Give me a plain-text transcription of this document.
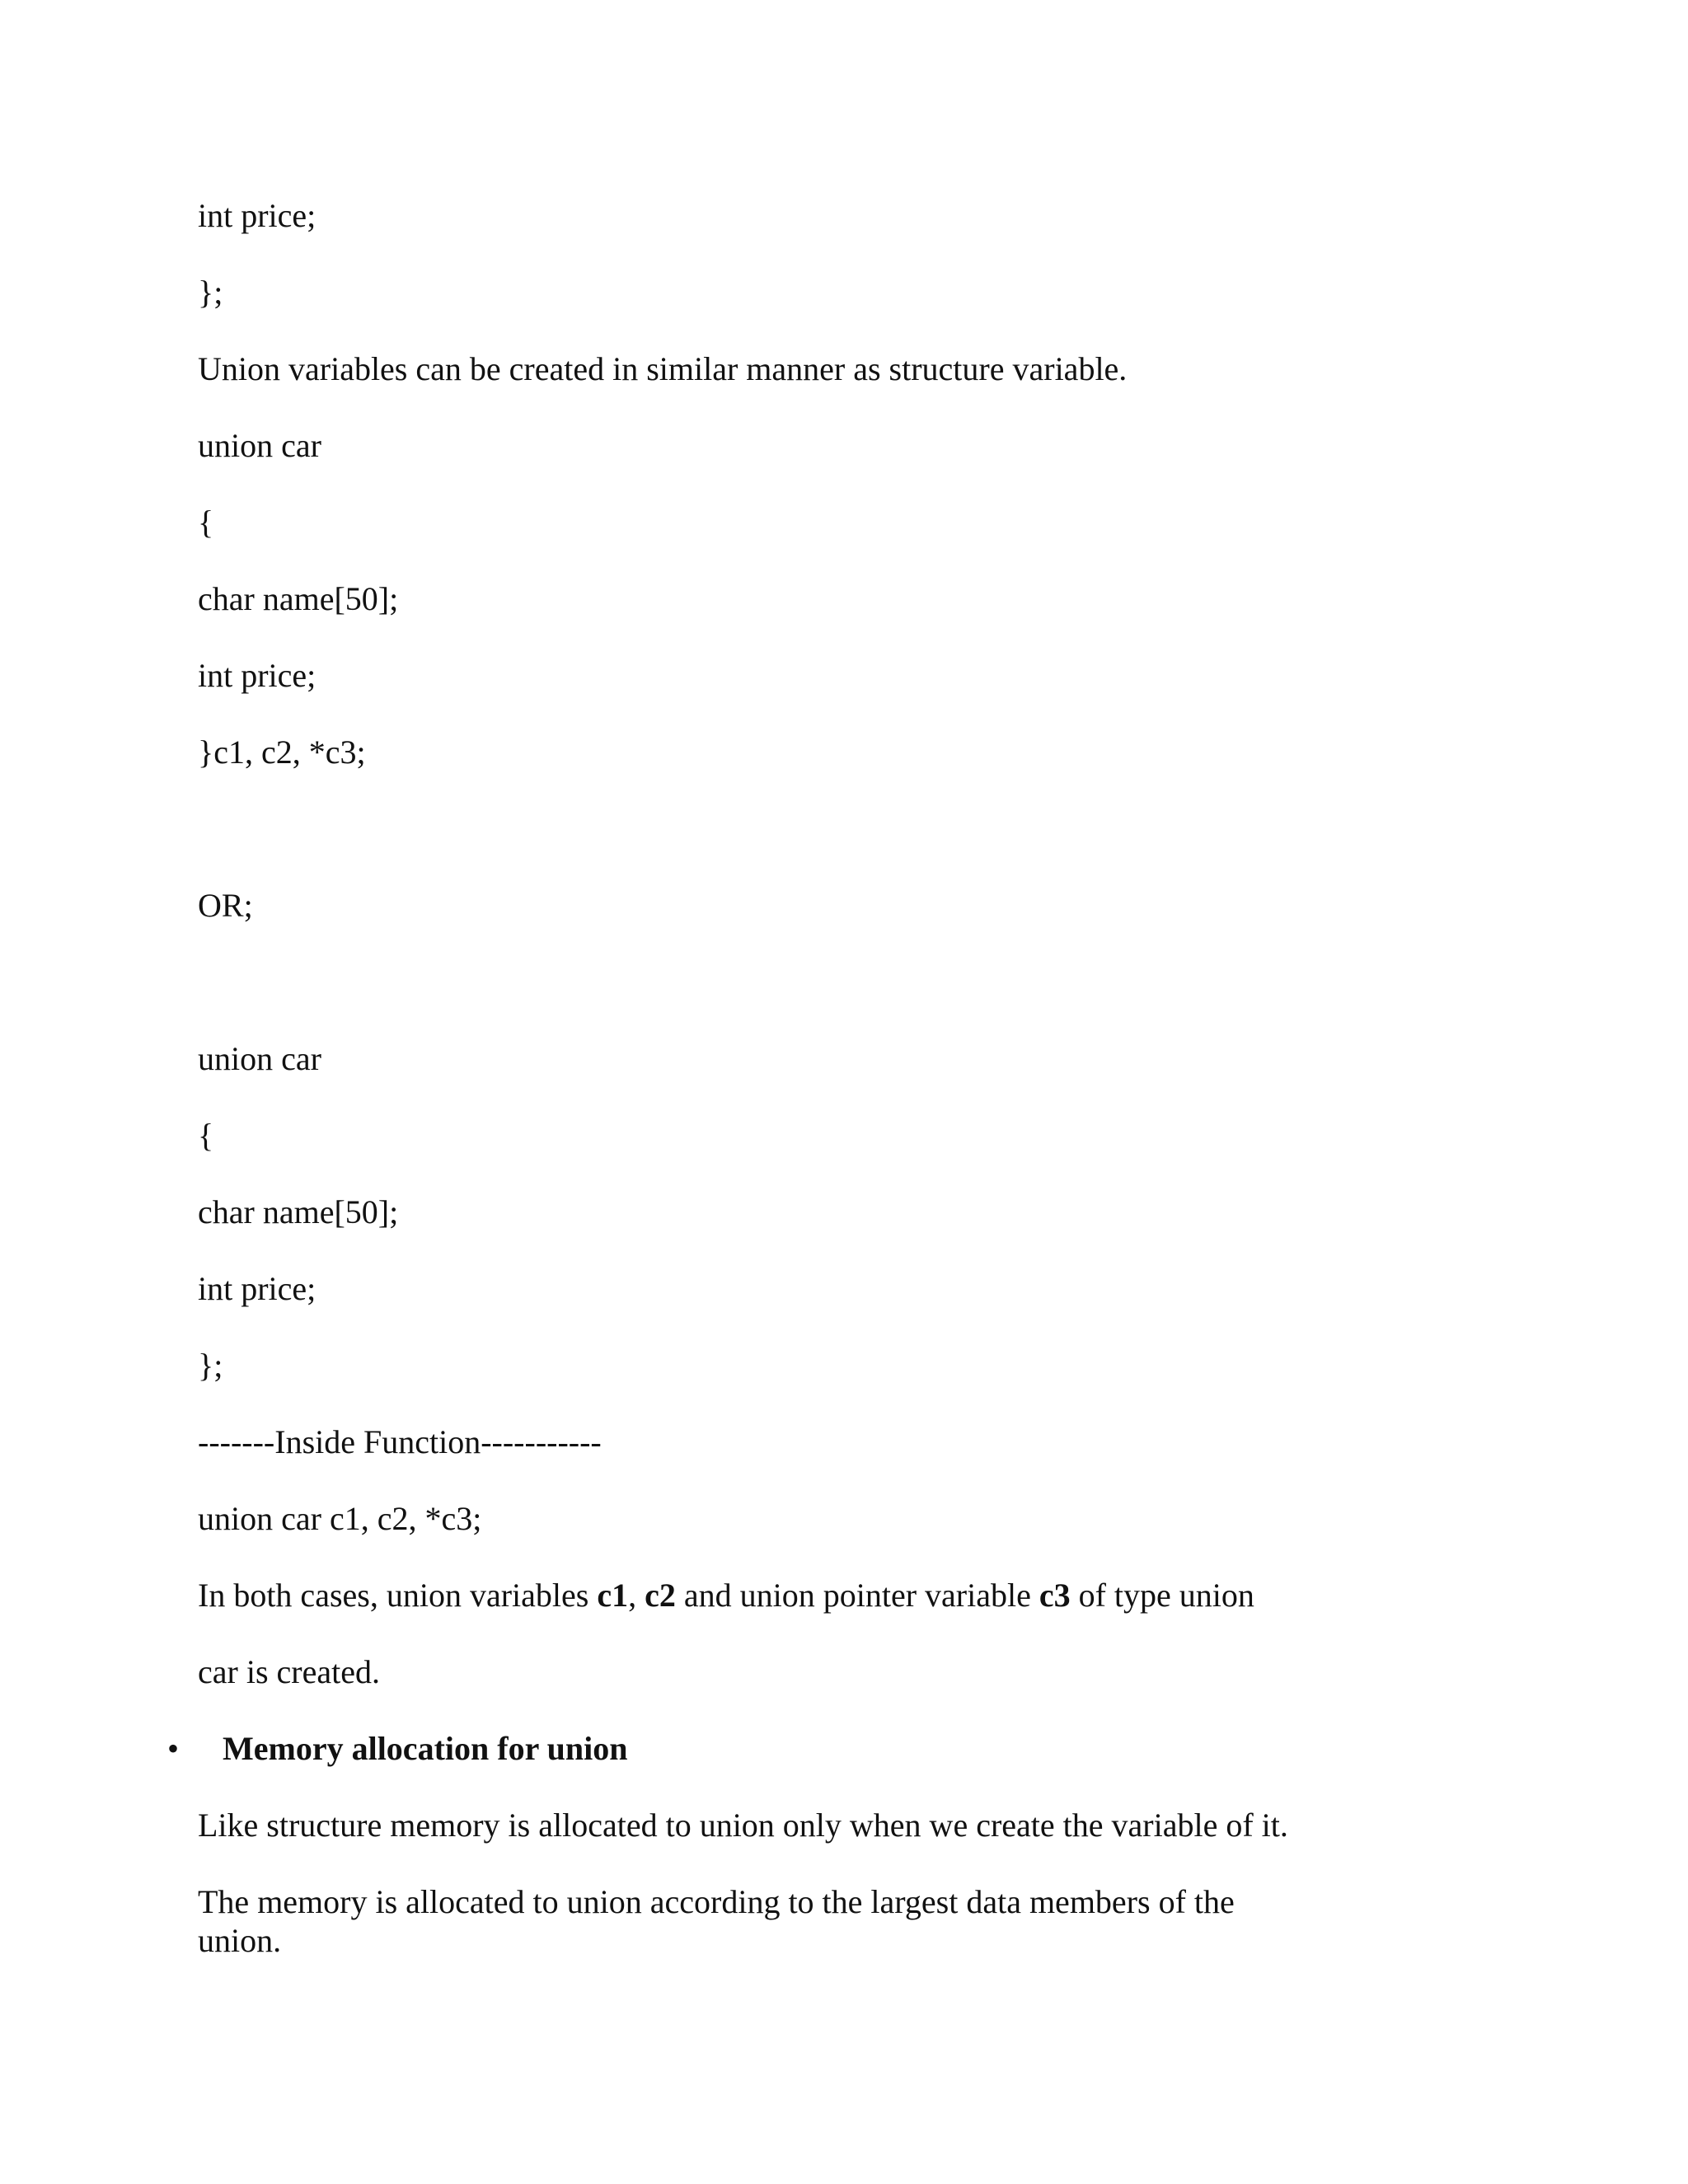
int price;
};
Union variables can be created in similar manner as structure variable.
union car
{
char name[50];
int price;
}c1, c2, *c3;
OR;
union car
{
char name[50];
int price;
};
-------Inside Function-----------
union car c1, c2, *c3;
In both cases, union variables c1, c2 and union pointer variable c3 of type union
car is created.
• Memory allocation for union
Like structure memory is allocated to union only when we create the variable of it.
The memory is allocated to union according to the largest data members of the
union.
